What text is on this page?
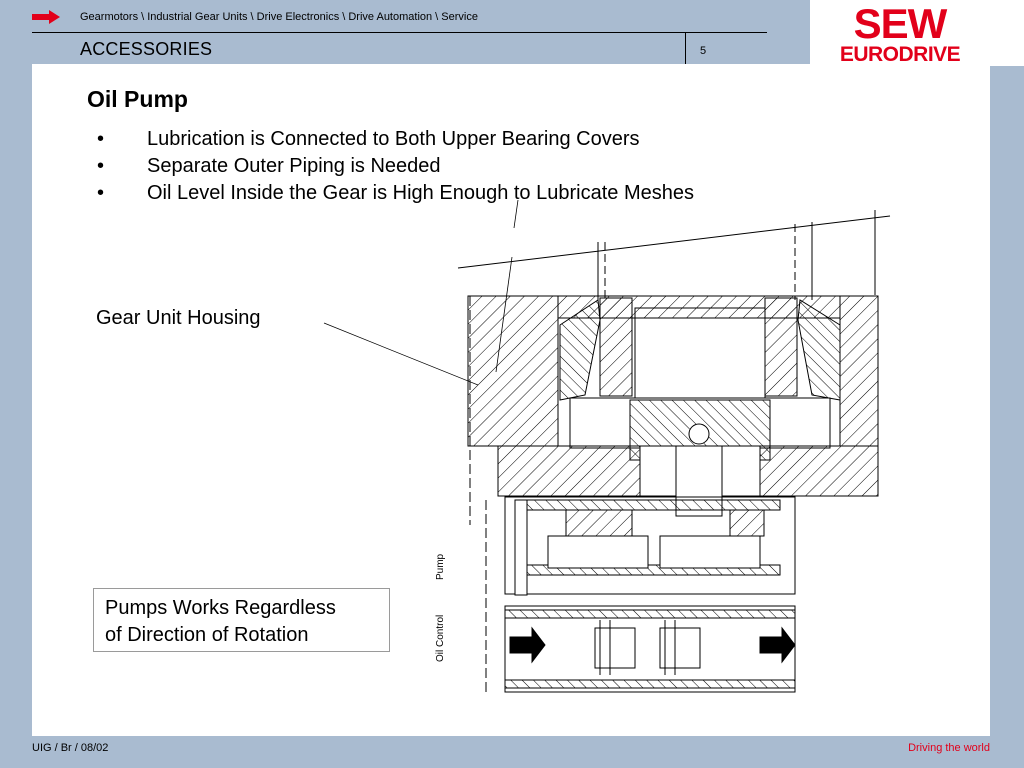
Gearmotors \ Industrial Gear Units \ Drive Electronics \ Drive Automation \ Service
ACCESSORIES	5
SEW
EURODRIVE
Oil Pump
• Lubrication is Connected to Both Upper Bearing Covers
• Separate Outer Piping is Needed
• Oil Level Inside the Gear is High Enough to Lubricate Meshes
Gear Unit Housing
Pumps Works Regardless
of Direction of Rotation
Pump
Oil Control
UIG / Br / 08/02	Driving the world
